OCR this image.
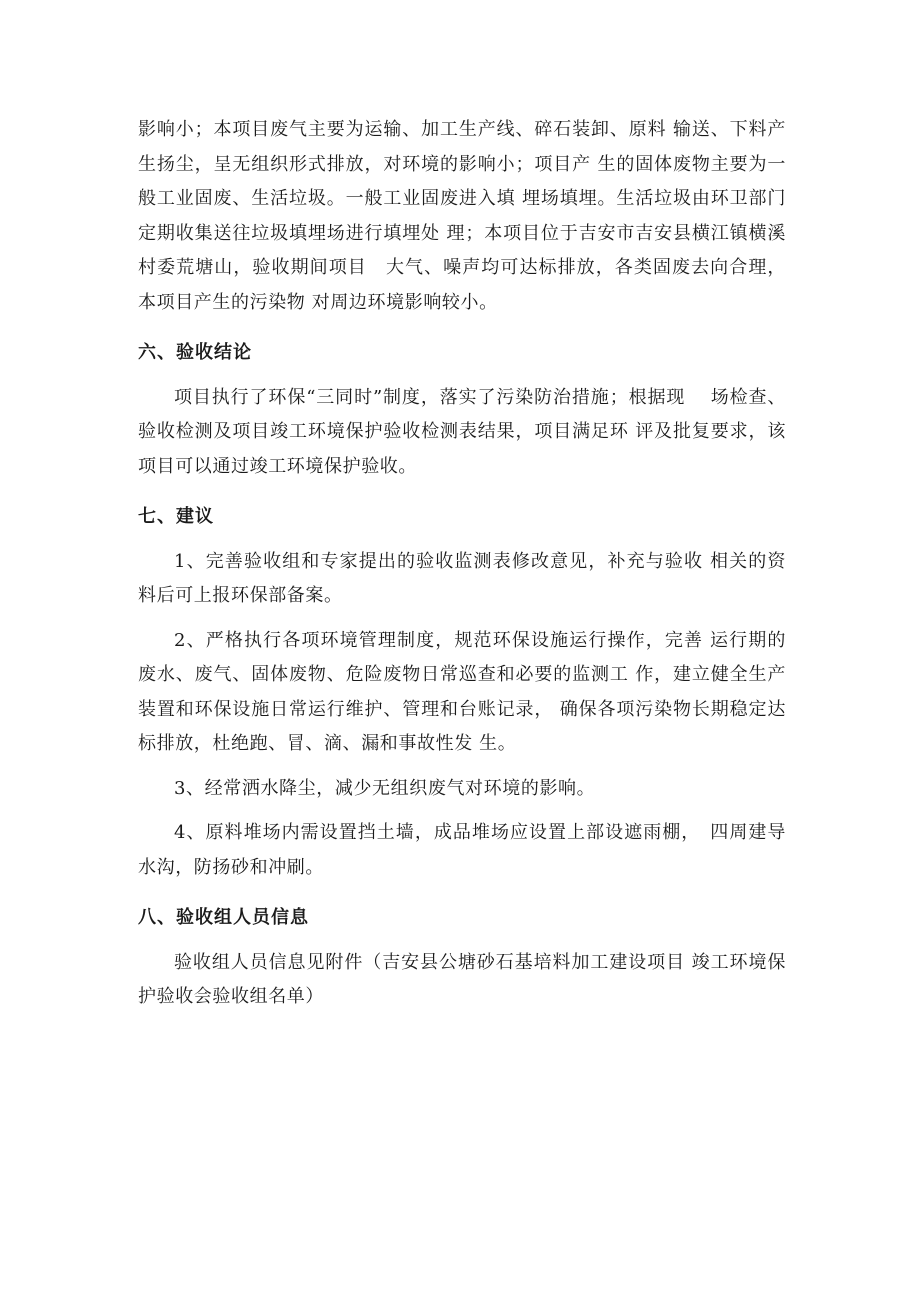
影响小；本项目废气主要为运输、加工生产线、碎石装卸、原料 输送、下料产生扬尘，呈无组织形式排放，对环境的影响小；项目产 生的固体废物主要为一般工业固废、生活垃圾。一般工业固废进入填 埋场填埋。生活垃圾由环卫部门定期收集送往垃圾填埋场进行填埋处 理；本项目位于吉安市吉安县横江镇横溪村委荒塘山，验收期间项目　大气、噪声均可达标排放，各类固废去向合理，本项目产生的污染物 对周边环境影响较小。

六、验收结论

项目执行了环保“三同时”制度，落实了污染防治措施；根据现　 场检查、验收检测及项目竣工环境保护验收检测表结果，项目满足环 评及批复要求，该项目可以通过竣工环境保护验收。

七、建议

1、完善验收组和专家提出的验收监测表修改意见，补充与验收 相关的资料后可上报环保部备案。

2、严格执行各项环境管理制度，规范环保设施运行操作，完善 运行期的废水、废气、固体废物、危险废物日常巡查和必要的监测工 作，建立健全生产装置和环保设施日常运行维护、管理和台账记录， 确保各项污染物长期稳定达标排放，杜绝跑、冒、滴、漏和事故性发 生。

3、经常洒水降尘，减少无组织废气对环境的影响。

4、原料堆场内需设置挡土墙，成品堆场应设置上部设遮雨棚，　四周建导水沟，防扬砂和冲刷。

八、验收组人员信息

验收组人员信息见附件（吉安县公塘砂石基培料加工建设项目 竣工环境保护验收会验收组名单）
